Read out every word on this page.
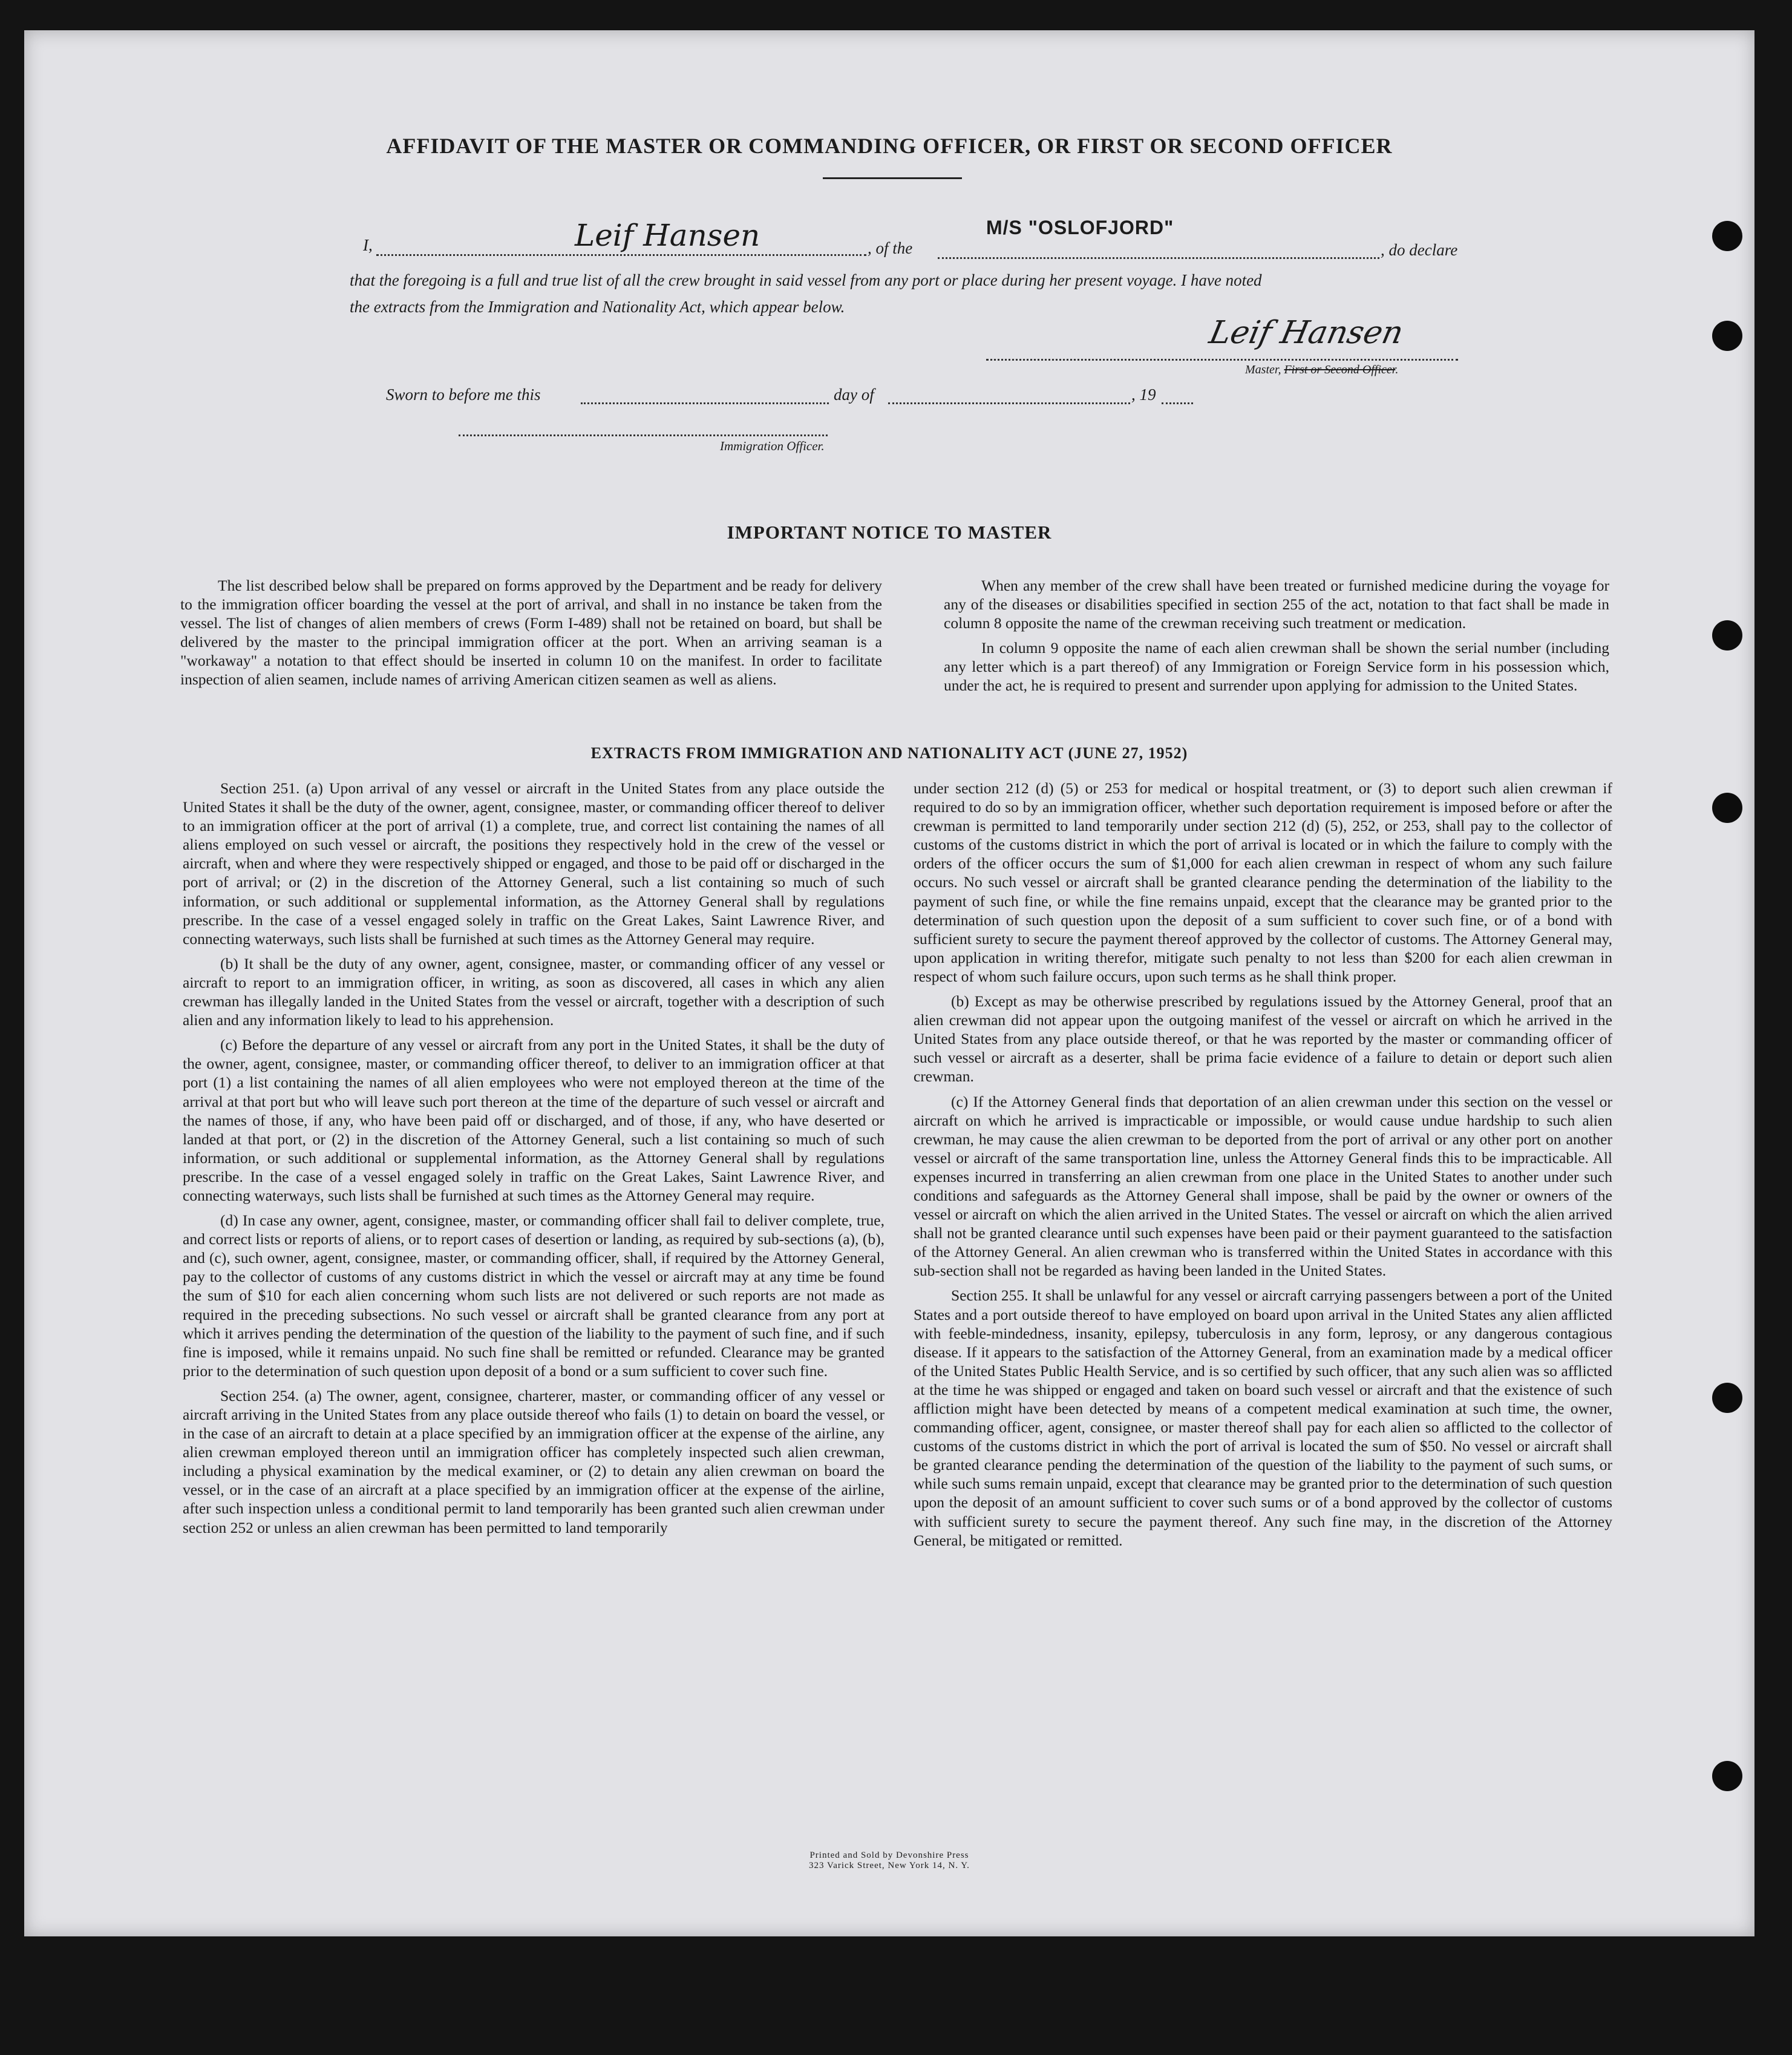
AFFIDAVIT OF THE MASTER OR COMMANDING OFFICER, OR FIRST OR SECOND OFFICER
I,	Leif Hansen	, of the
M/S "OSLOFJORD"
, do declare
that the foregoing is a full and true list of all the crew brought in said vessel from any port or place during her present voyage. I have noted
the extracts from the Immigration and Nationality Act, which appear below.
Leif Hansen
Master, First or Second Officer.
Sworn to before me this	day of	, 19
Immigration Officer.
IMPORTANT NOTICE TO MASTER

The list described below shall be prepared on forms approved by the Department and be ready for delivery to the immigration officer boarding the vessel at the port of arrival, and shall in no instance be taken from the vessel. The list of changes of alien members of crews (Form I-489) shall not be retained on board, but shall be delivered by the master to the principal immigration officer at the port. When an arriving seaman is a "workaway" a notation to that effect should be inserted in column 10 on the manifest. In order to facilitate inspection of alien seamen, include names of arriving American citizen seamen as well as aliens.

When any member of the crew shall have been treated or furnished medicine during the voyage for any of the diseases or disabilities specified in section 255 of the act, notation to that fact shall be made in column 8 opposite the name of the crewman receiving such treatment or medication.

In column 9 opposite the name of each alien crewman shall be shown the serial number (including any letter which is a part thereof) of any Immigration or Foreign Service form in his possession which, under the act, he is required to present and surrender upon applying for admission to the United States.

EXTRACTS FROM IMMIGRATION AND NATIONALITY ACT (JUNE 27, 1952)

Section 251. (a) Upon arrival of any vessel or aircraft in the United States from any place outside the United States it shall be the duty of the owner, agent, consignee, master, or commanding officer thereof to deliver to an immigration officer at the port of arrival (1) a complete, true, and correct list containing the names of all aliens employed on such vessel or aircraft, the positions they respectively hold in the crew of the vessel or aircraft, when and where they were respectively shipped or engaged, and those to be paid off or discharged in the port of arrival; or (2) in the discretion of the Attorney General, such a list containing so much of such information, or such additional or supplemental information, as the Attorney General shall by regulations prescribe. In the case of a vessel engaged solely in traffic on the Great Lakes, Saint Lawrence River, and connecting waterways, such lists shall be furnished at such times as the Attorney General may require.

(b) It shall be the duty of any owner, agent, consignee, master, or commanding officer of any vessel or aircraft to report to an immigration officer, in writing, as soon as discovered, all cases in which any alien crewman has illegally landed in the United States from the vessel or aircraft, together with a description of such alien and any information likely to lead to his apprehension.

(c) Before the departure of any vessel or aircraft from any port in the United States, it shall be the duty of the owner, agent, consignee, master, or commanding officer thereof, to deliver to an immigration officer at that port (1) a list containing the names of all alien employees who were not employed thereon at the time of the arrival at that port but who will leave such port thereon at the time of the departure of such vessel or aircraft and the names of those, if any, who have been paid off or discharged, and of those, if any, who have deserted or landed at that port, or (2) in the discretion of the Attorney General, such a list containing so much of such information, or such additional or supplemental information, as the Attorney General shall by regulations prescribe. In the case of a vessel engaged solely in traffic on the Great Lakes, Saint Lawrence River, and connecting waterways, such lists shall be furnished at such times as the Attorney General may require.

(d) In case any owner, agent, consignee, master, or commanding officer shall fail to deliver complete, true, and correct lists or reports of aliens, or to report cases of desertion or landing, as required by sub-sections (a), (b), and (c), such owner, agent, consignee, master, or commanding officer, shall, if required by the Attorney General, pay to the collector of customs of any customs district in which the vessel or aircraft may at any time be found the sum of $10 for each alien concerning whom such lists are not delivered or such reports are not made as required in the preceding subsections. No such vessel or aircraft shall be granted clearance from any port at which it arrives pending the determination of the question of the liability to the payment of such fine, and if such fine is imposed, while it remains unpaid. No such fine shall be remitted or refunded. Clearance may be granted prior to the determination of such question upon deposit of a bond or a sum sufficient to cover such fine.

Section 254. (a) The owner, agent, consignee, charterer, master, or commanding officer of any vessel or aircraft arriving in the United States from any place outside thereof who fails (1) to detain on board the vessel, or in the case of an aircraft to detain at a place specified by an immigration officer at the expense of the airline, any alien crewman employed thereon until an immigration officer has completely inspected such alien crewman, including a physical examination by the medical examiner, or (2) to detain any alien crewman on board the vessel, or in the case of an aircraft at a place specified by an immigration officer at the expense of the airline, after such inspection unless a conditional permit to land temporarily has been granted such alien crewman under section 252 or unless an alien crewman has been permitted to land temporarily

under section 212 (d) (5) or 253 for medical or hospital treatment, or (3) to deport such alien crewman if required to do so by an immigration officer, whether such deportation requirement is imposed before or after the crewman is permitted to land temporarily under section 212 (d) (5), 252, or 253, shall pay to the collector of customs of the customs district in which the port of arrival is located or in which the failure to comply with the orders of the officer occurs the sum of $1,000 for each alien crewman in respect of whom any such failure occurs. No such vessel or aircraft shall be granted clearance pending the determination of the liability to the payment of such fine, or while the fine remains unpaid, except that the clearance may be granted prior to the determination of such question upon the deposit of a sum sufficient to cover such fine, or of a bond with sufficient surety to secure the payment thereof approved by the collector of customs. The Attorney General may, upon application in writing therefor, mitigate such penalty to not less than $200 for each alien crewman in respect of whom such failure occurs, upon such terms as he shall think proper.

(b) Except as may be otherwise prescribed by regulations issued by the Attorney General, proof that an alien crewman did not appear upon the outgoing manifest of the vessel or aircraft on which he arrived in the United States from any place outside thereof, or that he was reported by the master or commanding officer of such vessel or aircraft as a deserter, shall be prima facie evidence of a failure to detain or deport such alien crewman.

(c) If the Attorney General finds that deportation of an alien crewman under this section on the vessel or aircraft on which he arrived is impracticable or impossible, or would cause undue hardship to such alien crewman, he may cause the alien crewman to be deported from the port of arrival or any other port on another vessel or aircraft of the same transportation line, unless the Attorney General finds this to be impracticable. All expenses incurred in transferring an alien crewman from one place in the United States to another under such conditions and safeguards as the Attorney General shall impose, shall be paid by the owner or owners of the vessel or aircraft on which the alien arrived in the United States. The vessel or aircraft on which the alien arrived shall not be granted clearance until such expenses have been paid or their payment guaranteed to the satisfaction of the Attorney General. An alien crewman who is transferred within the United States in accordance with this sub-section shall not be regarded as having been landed in the United States.

Section 255. It shall be unlawful for any vessel or aircraft carrying passengers between a port of the United States and a port outside thereof to have employed on board upon arrival in the United States any alien afflicted with feeble-mindedness, insanity, epilepsy, tuberculosis in any form, leprosy, or any dangerous contagious disease. If it appears to the satisfaction of the Attorney General, from an examination made by a medical officer of the United States Public Health Service, and is so certified by such officer, that any such alien was so afflicted at the time he was shipped or engaged and taken on board such vessel or aircraft and that the existence of such affliction might have been detected by means of a competent medical examination at such time, the owner, commanding officer, agent, consignee, or master thereof shall pay for each alien so afflicted to the collector of customs of the customs district in which the port of arrival is located the sum of $50. No vessel or aircraft shall be granted clearance pending the determination of the question of the liability to the payment of such sums, or while such sums remain unpaid, except that clearance may be granted prior to the determination of such question upon the deposit of an amount sufficient to cover such sums or of a bond approved by the collector of customs with sufficient surety to secure the payment thereof. Any such fine may, in the discretion of the Attorney General, be mitigated or remitted.

Printed and Sold by Devonshire Press
323 Varick Street, New York 14, N. Y.
